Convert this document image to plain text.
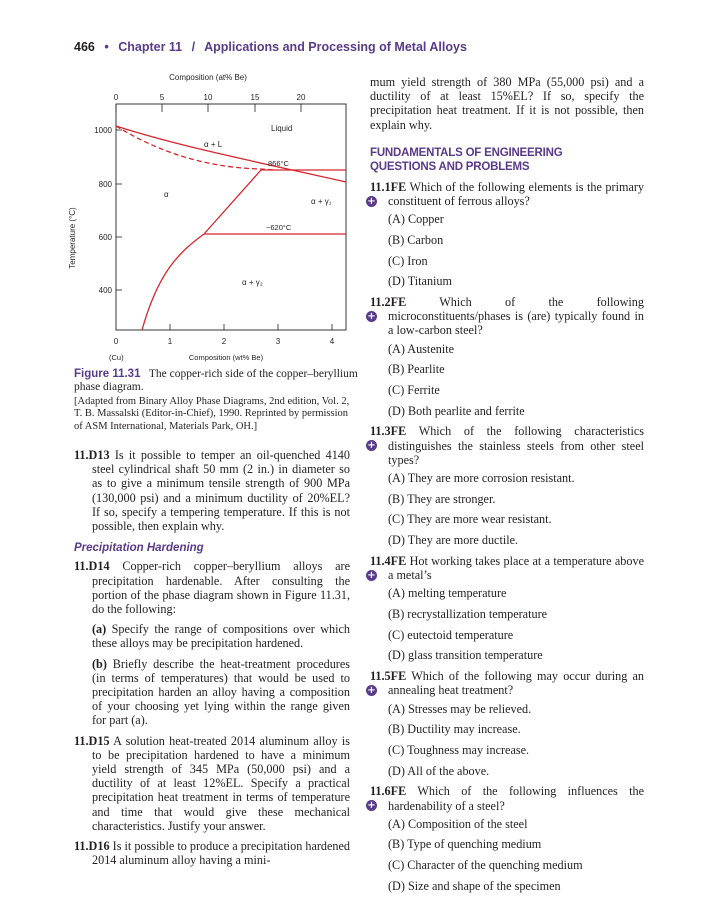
466 • Chapter 11 / Applications and Processing of Metal Alloys
Composition (at% Be)
0	5	10	15	20
1000
800
600
400
Temperature (°C)
0	1	2	3	4
(Cu)	Composition (wt% Be)
Liquid
α + L
866°C
α
α + γ₁
~620°C
α + γ₂
Figure 11.31 The copper-rich side of the copper–beryllium phase diagram.
[Adapted from Binary Alloy Phase Diagrams, 2nd edition, Vol. 2, T. B. Massalski (Editor-in-Chief), 1990. Reprinted by permission of ASM International, Materials Park, OH.]

11.D13 Is it possible to temper an oil-quenched 4140 steel cylindrical shaft 50 mm (2 in.) in diameter so as to give a minimum tensile strength of 900 MPa (130,000 psi) and a minimum ductility of 20%EL? If so, specify a tempering temperature. If this is not possible, then explain why.

Precipitation Hardening

11.D14 Copper-rich copper–beryllium alloys are precipitation hardenable. After consulting the portion of the phase diagram shown in Figure 11.31, do the following:

(a) Specify the range of compositions over which these alloys may be precipitation hardened.

(b) Briefly describe the heat-treatment procedures (in terms of temperatures) that would be used to precipitation harden an alloy having a composition of your choosing yet lying within the range given for part (a).

11.D15 A solution heat-treated 2014 aluminum alloy is to be precipitation hardened to have a minimum yield strength of 345 MPa (50,000 psi) and a ductility of at least 12%EL. Specify a practical precipitation heat treatment in terms of temperature and time that would give these mechanical characteristics. Justify your answer.

11.D16 Is it possible to produce a precipitation hardened 2014 aluminum alloy having a mini-

mum yield strength of 380 MPa (55,000 psi) and a ductility of at least 15%EL? If so, specify the precipitation heat treatment. If it is not possible, then explain why.

FUNDAMENTALS OF ENGINEERING
QUESTIONS AND PROBLEMS

+
11.1FE Which of the following elements is the primary constituent of ferrous alloys?

(A) Copper
(B) Carbon
(C) Iron
(D) Titanium

+
11.2FE	Which of the following microconstituents/phases is (are) typically found in a low-carbon steel?

(A) Austenite
(B) Pearlite
(C) Ferrite
(D) Both pearlite and ferrite

+
11.3FE Which of the following characteristics distinguishes the stainless steels from other steel types?

(A) They are more corrosion resistant.
(B) They are stronger.
(C) They are more wear resistant.
(D) They are more ductile.

+
11.4FE Hot working takes place at a temperature above a metal’s

(A) melting temperature
(B) recrystallization temperature
(C) eutectoid temperature
(D) glass transition temperature

+
11.5FE Which of the following may occur during an annealing heat treatment?

(A) Stresses may be relieved.
(B) Ductility may increase.
(C) Toughness may increase.
(D) All of the above.

+
11.6FE Which of the following influences the hardenability of a steel?

(A) Composition of the steel
(B) Type of quenching medium
(C) Character of the quenching medium
(D) Size and shape of the specimen
